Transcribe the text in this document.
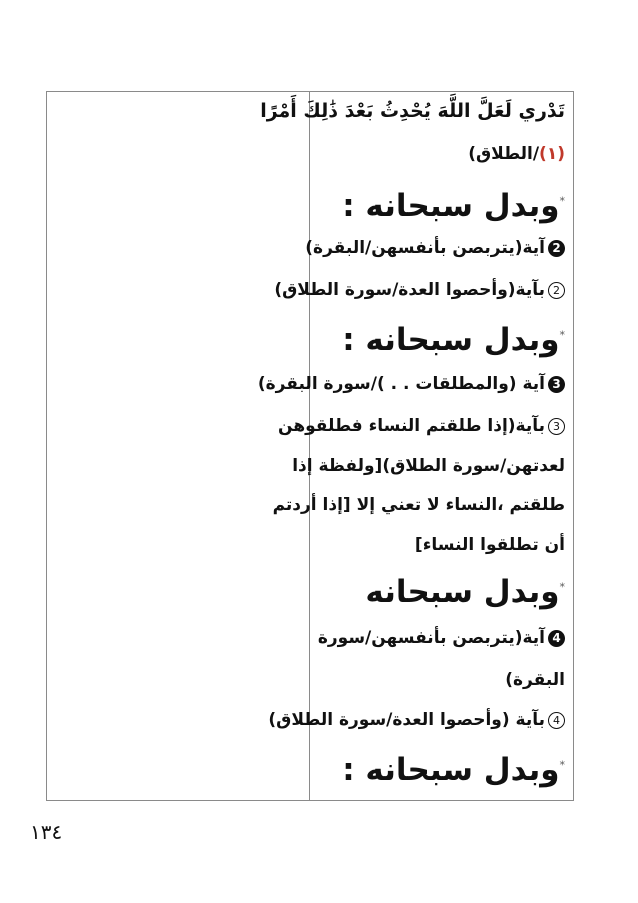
تَدْري لَعَلَّ اللَّهَ يُحْدِثُ بَعْدَ ذَٰلِكَ أَمْرًا
(١)/الطلاق)
*وبدل سبحانه :
2آية(يتربصن بأنفسهن/البقرة)
2بآية(وأحصوا العدة/سورة الطلاق)
*وبدل سبحانه :
3آية (والمطلقات . . )/سورة البقرة)
3بآية(إذا طلقتم النساء فطلقوهن
لعدتهن/سورة الطلاق)[ولفظة إذا
طلقتم ،النساء لا تعني إلا [إذا أردتم
أن تطلقوا النساء]
*وبدل سبحانه
4آية(يتربصن بأنفسهن/سورة
البقرة)
4بآية (وأحصوا العدة/سورة الطلاق)
*وبدل سبحانه :
١٣٤
